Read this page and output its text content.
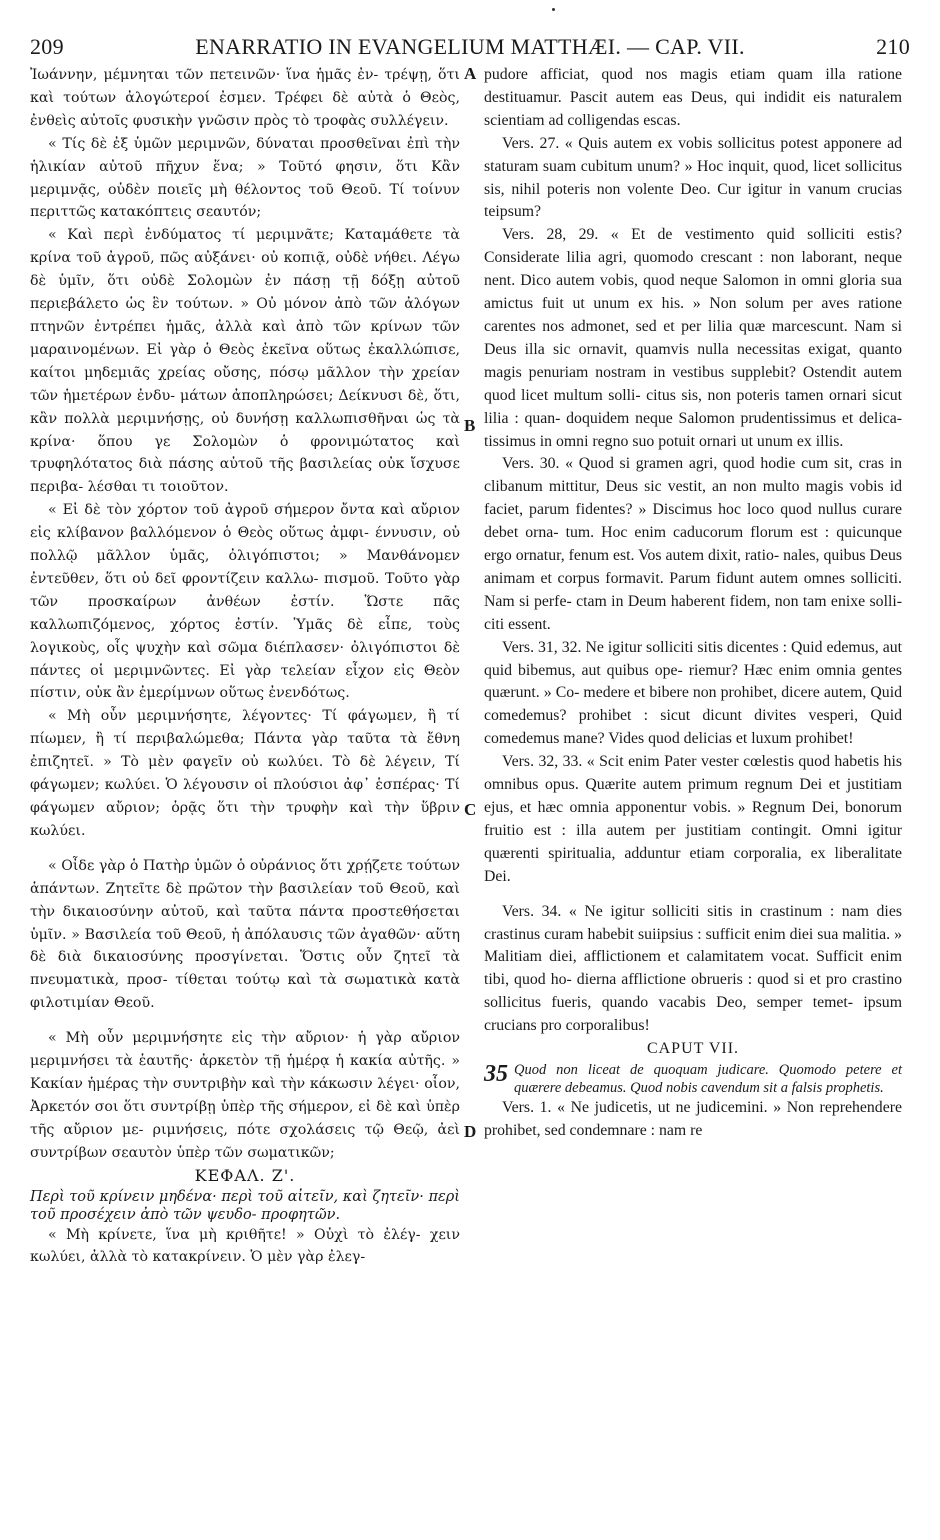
209	ENARRATIO IN EVANGELIUM MATTHÆI. — CAP. VII.	210
A
B
C
D

Ἰωάννην, μέμνηται τῶν πετεινῶν· ἵνα ἡμᾶς ἐν- τρέψῃ, ὅτι καὶ τούτων ἀλογώτεροί ἐσμεν. Τρέφει δὲ αὐτὰ ὁ Θεὸς, ἐνθεὶς αὐτοῖς φυσικὴν γνῶσιν πρὸς τὸ τροφὰς συλλέγειν.

« Τίς δὲ ἐξ ὑμῶν μεριμνῶν, δύναται προσθεῖναι ἐπὶ τὴν ἡλικίαν αὐτοῦ πῆχυν ἕνα; » Τοῦτό φησιν, ὅτι Κἂν μεριμνᾷς, οὐδὲν ποιεῖς μὴ θέλοντος τοῦ Θεοῦ. Τί τοίνυν περιττῶς κατακόπτεις σεαυτόν;

« Καὶ περὶ ἐνδύματος τί μεριμνᾶτε; Καταμάθετε τὰ κρίνα τοῦ ἀγροῦ, πῶς αὐξάνει· οὐ κοπιᾷ, οὐδὲ νήθει. Λέγω δὲ ὑμῖν, ὅτι οὐδὲ Σολομὼν ἐν πάσῃ τῇ δόξῃ αὐτοῦ περιεβάλετο ὡς ἓν τούτων. » Οὐ μόνον ἀπὸ τῶν ἀλόγων πτηνῶν ἐντρέπει ἡμᾶς, ἀλλὰ καὶ ἀπὸ τῶν κρίνων τῶν μαραινομένων. Εἰ γὰρ ὁ Θεὸς ἐκεῖνα οὕτως ἐκαλλώπισε, καίτοι μηδεμιᾶς χρείας οὔσης, πόσῳ μᾶλλον τὴν χρείαν τῶν ἡμετέρων ἐνδυ- μάτων ἀποπληρώσει; Δείκνυσι δὲ, ὅτι, κἂν πολλὰ μεριμνήσῃς, οὐ δυνήσῃ καλλωπισθῆναι ὡς τὰ κρίνα· ὅπου γε Σολομὼν ὁ φρονιμώτατος καὶ τρυφηλότατος διὰ πάσης αὐτοῦ τῆς βασιλείας οὐκ ἴσχυσε περιβα- λέσθαι τι τοιοῦτον.

« Εἰ δὲ τὸν χόρτον τοῦ ἀγροῦ σήμερον ὄντα καὶ αὔριον εἰς κλίβανον βαλλόμενον ὁ Θεὸς οὕτως ἀμφι- έννυσιν, οὐ πολλῷ μᾶλλον ὑμᾶς, ὀλιγόπιστοι; » Μανθάνομεν ἐντεῦθεν, ὅτι οὐ δεῖ φροντίζειν καλλω- πισμοῦ. Τοῦτο γὰρ τῶν προσκαίρων ἀνθέων ἐστίν. Ὥστε πᾶς καλλωπιζόμενος, χόρτος ἐστίν. Ὑμᾶς δὲ εἶπε, τοὺς λογικοὺς, οἷς ψυχὴν καὶ σῶμα διέπλασεν· ὀλιγόπιστοι δὲ πάντες οἱ μεριμνῶντες. Εἰ γὰρ τελείαν εἶχον εἰς Θεὸν πίστιν, οὐκ ἂν ἐμερίμνων οὕτως ἐνενδότως.

« Μὴ οὖν μεριμνήσητε, λέγοντες· Τί φάγωμεν, ἢ τί πίωμεν, ἢ τί περιβαλώμεθα; Πάντα γὰρ ταῦτα τὰ ἔθνη ἐπιζητεῖ. » Τὸ μὲν φαγεῖν οὐ κωλύει. Τὸ δὲ λέγειν, Τί φάγωμεν; κωλύει. Ὁ λέγουσιν οἱ πλούσιοι ἀφ᾽ ἑσπέρας· Τί φάγωμεν αὔριον; ὁρᾷς ὅτι τὴν τρυφὴν καὶ τὴν ὕβριν κωλύει.

« Οἶδε γὰρ ὁ Πατὴρ ὑμῶν ὁ οὐράνιος ὅτι χρῄζετε τούτων ἁπάντων. Ζητεῖτε δὲ πρῶτον τὴν βασιλείαν τοῦ Θεοῦ, καὶ τὴν δικαιοσύνην αὐτοῦ, καὶ ταῦτα πάντα προστεθήσεται ὑμῖν. » Βασιλεία τοῦ Θεοῦ, ἡ ἀπόλαυσις τῶν ἀγαθῶν· αὕτη δὲ διὰ δικαιοσύνης προσγίνεται. Ὅστις οὖν ζητεῖ τὰ πνευματικὰ, προσ- τίθεται τούτῳ καὶ τὰ σωματικὰ κατὰ φιλοτιμίαν Θεοῦ.

« Μὴ οὖν μεριμνήσητε εἰς τὴν αὔριον· ἡ γὰρ αὔριον μεριμνήσει τὰ ἑαυτῆς· ἀρκετὸν τῇ ἡμέρᾳ ἡ κακία αὐτῆς. » Κακίαν ἡμέρας τὴν συντριβὴν καὶ τὴν κάκωσιν λέγει· οἷον, Ἀρκετόν σοι ὅτι συντρίβῃ ὑπὲρ τῆς σήμερον, εἰ δὲ καὶ ὑπὲρ τῆς αὔριον με- ριμνήσεις, πότε σχολάσεις τῷ Θεῷ, ἀεὶ συντρίβων σεαυτὸν ὑπὲρ τῶν σωματικῶν;

ΚΕΦΑΛ. Ζ'.

Περὶ τοῦ κρίνειν μηδένα· περὶ τοῦ αἰτεῖν, καὶ ζητεῖν· περὶ τοῦ προσέχειν ἀπὸ τῶν ψευδο- προφητῶν.

« Μὴ κρίνετε, ἵνα μὴ κριθῆτε! » Οὐχὶ τὸ ἐλέγ- χειν κωλύει, ἀλλὰ τὸ κατακρίνειν. Ὁ μὲν γὰρ ἐλεγ-

pudore afficiat, quod nos magis etiam quam illa ratione destituamur. Pascit autem eas Deus, qui indidit eis naturalem scientiam ad colligendas escas.

Vers. 27. « Quis autem ex vobis sollicitus potest apponere ad staturam suam cubitum unum? » Hoc inquit, quod, licet sollicitus sis, nihil poteris non volente Deo. Cur igitur in vanum crucias teipsum?

Vers. 28, 29. « Et de vestimento quid solliciti estis? Considerate lilia agri, quomodo crescant : non laborant, neque nent. Dico autem vobis, quod neque Salomon in omni gloria sua amictus fuit ut unum ex his. » Non solum per aves ratione carentes nos admonet, sed et per lilia quæ marcescunt. Nam si Deus illa sic ornavit, quamvis nulla necessitas exigat, quanto magis penuriam nostram in vestibus supplebit? Ostendit autem quod licet multum solli- citus sis, non poteris tamen ornari sicut lilia : quan- doquidem neque Salomon prudentissimus et delica- tissimus in omni regno suo potuit ornari ut unum ex illis.

Vers. 30. « Quod si gramen agri, quod hodie cum sit, cras in clibanum mittitur, Deus sic vestit, an non multo magis vobis id faciet, parum fidentes? » Discimus hoc loco quod nullus curare debet orna- tum. Hoc enim caducorum florum est : quicunque ergo ornatur, fenum est. Vos autem dixit, ratio- nales, quibus Deus animam et corpus formavit. Parum fidunt autem omnes solliciti. Nam si perfe- ctam in Deum haberent fidem, non tam enixe solli- citi essent.

Vers. 31, 32. Ne igitur solliciti sitis dicentes : Quid edemus, aut quid bibemus, aut quibus ope- riemur? Hæc enim omnia gentes quærunt. » Co- medere et bibere non prohibet, dicere autem, Quid comedemus? prohibet : sicut dicunt divites vesperi, Quid comedemus mane? Vides quod delicias et luxum prohibet!

Vers. 32, 33. « Scit enim Pater vester cœlestis quod habetis his omnibus opus. Quærite autem primum regnum Dei et justitiam ejus, et hæc omnia apponentur vobis. » Regnum Dei, bonorum fruitio est : illa autem per justitiam contingit. Omni igitur quærenti spiritualia, adduntur etiam corporalia, ex liberalitate Dei.

Vers. 34. « Ne igitur solliciti sitis in crastinum : nam dies crastinus curam habebit suiipsius : sufficit enim diei sua malitia. » Malitiam diei, afflictionem et calamitatem vocat. Sufficit enim tibi, quod ho- dierna afflictione obrueris : quod si et pro crastino sollicitus fueris, quando vacabis Deo, semper temet- ipsum crucians pro corporalibus!

CAPUT VII.

35 Quod non liceat de quoquam judicare. Quomodo petere et quærere debeamus. Quod nobis cavendum sit a falsis prophetis.

Vers. 1. « Ne judicetis, ut ne judicemini. » Non reprehendere prohibet, sed condemnare : nam re
